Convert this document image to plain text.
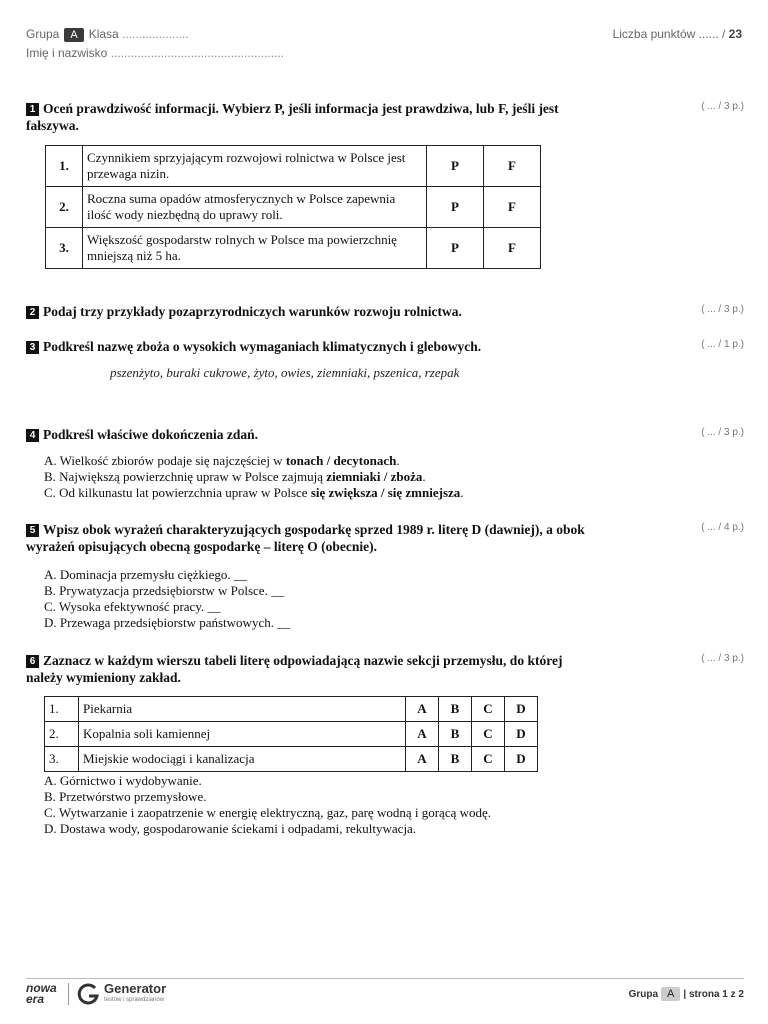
Grupa A Klasa ....................
Imię i nazwisko ....................................................
Liczba punktów ...... / 23
1 Oceń prawdziwość informacji. Wybierz P, jeśli informacja jest prawdziwa, lub F, jeśli jest fałszywa.
( ... / 3 p.)
1.	Czynnikiem sprzyjającym rozwojowi rolnictwa w Polsce jest przewaga nizin.	P	F
2.	Roczna suma opadów atmosferycznych w Polsce zapewnia ilość wody niezbędną do uprawy roli.	P	F
3.	Większość gospodarstw rolnych w Polsce ma powierzchnię mniejszą niż 5 ha.	P	F
2 Podaj trzy przykłady pozaprzyrodniczych warunków rozwoju rolnictwa.	( ... / 3 p.)
3 Podkreśl nazwę zboża o wysokich wymaganiach klimatycznych i glebowych.	( ... / 1 p.)
pszenżyto, buraki cukrowe, żyto, owies, ziemniaki, pszenica, rzepak
4 Podkreśl właściwe dokończenia zdań.	( ... / 3 p.)
A. Wielkość zbiorów podaje się najczęściej w tonach / decytonach.
B. Największą powierzchnię upraw w Polsce zajmują ziemniaki / zboża.
C. Od kilkunastu lat powierzchnia upraw w Polsce się zwiększa / się zmniejsza.
5 Wpisz obok wyrażeń charakteryzujących gospodarkę sprzed 1989 r. literę D (dawniej), a obok wyrażeń opisujących obecną gospodarkę – literę O (obecnie).
( ... / 4 p.)
A. Dominacja przemysłu ciężkiego. __
B. Prywatyzacja przedsiębiorstw w Polsce. __
C. Wysoka efektywność pracy. __
D. Przewaga przedsiębiorstw państwowych. __
6 Zaznacz w każdym wierszu tabeli literę odpowiadającą nazwie sekcji przemysłu, do której należy wymieniony zakład.
( ... / 3 p.)
1.	Piekarnia	A	B	C	D
2.	Kopalnia soli kamiennej	A	B	C	D
3.	Miejskie wodociągi i kanalizacja	A	B	C	D
A. Górnictwo i wydobywanie.
B. Przetwórstwo przemysłowe.
C. Wytwarzanie i zaopatrzenie w energię elektryczną, gaz, parę wodną i gorącą wodę.
D. Dostawa wody, gospodarowanie ściekami i odpadami, rekultywacja.
nowa
era
Generator
testów i sprawdzianów	Grupa A | strona 1 z 2
